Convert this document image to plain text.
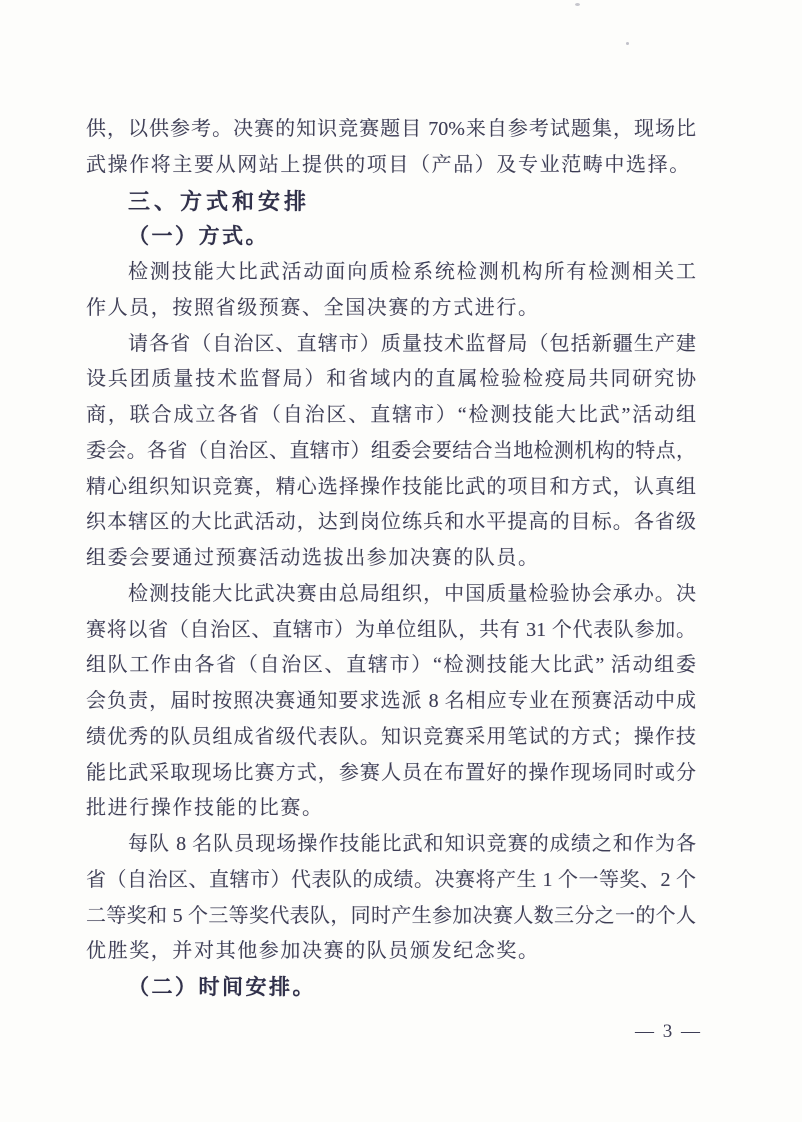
供，以供参考。决赛的知识竞赛题目 70%来自参考试题集，现场比
武操作将主要从网站上提供的项目（产品）及专业范畴中选择。
三、方式和安排
（一）方式。
检测技能大比武活动面向质检系统检测机构所有检测相关工
作人员，按照省级预赛、全国决赛的方式进行。
请各省（自治区、直辖市）质量技术监督局（包括新疆生产建
设兵团质量技术监督局）和省域内的直属检验检疫局共同研究协
商，联合成立各省（自治区、直辖市）“检测技能大比武”活动组
委会。各省（自治区、直辖市）组委会要结合当地检测机构的特点，
精心组织知识竞赛，精心选择操作技能比武的项目和方式，认真组
织本辖区的大比武活动，达到岗位练兵和水平提高的目标。各省级
组委会要通过预赛活动选拔出参加决赛的队员。
检测技能大比武决赛由总局组织，中国质量检验协会承办。决
赛将以省（自治区、直辖市）为单位组队，共有 31 个代表队参加。
组队工作由各省（自治区、直辖市）“检测技能大比武” 活动组委
会负责，届时按照决赛通知要求选派 8 名相应专业在预赛活动中成
绩优秀的队员组成省级代表队。知识竞赛采用笔试的方式；操作技
能比武采取现场比赛方式，参赛人员在布置好的操作现场同时或分
批进行操作技能的比赛。
每队 8 名队员现场操作技能比武和知识竞赛的成绩之和作为各
省（自治区、直辖市）代表队的成绩。决赛将产生 1 个一等奖、2 个
二等奖和 5 个三等奖代表队，同时产生参加决赛人数三分之一的个人
优胜奖，并对其他参加决赛的队员颁发纪念奖。
（二）时间安排。
— 3 —
